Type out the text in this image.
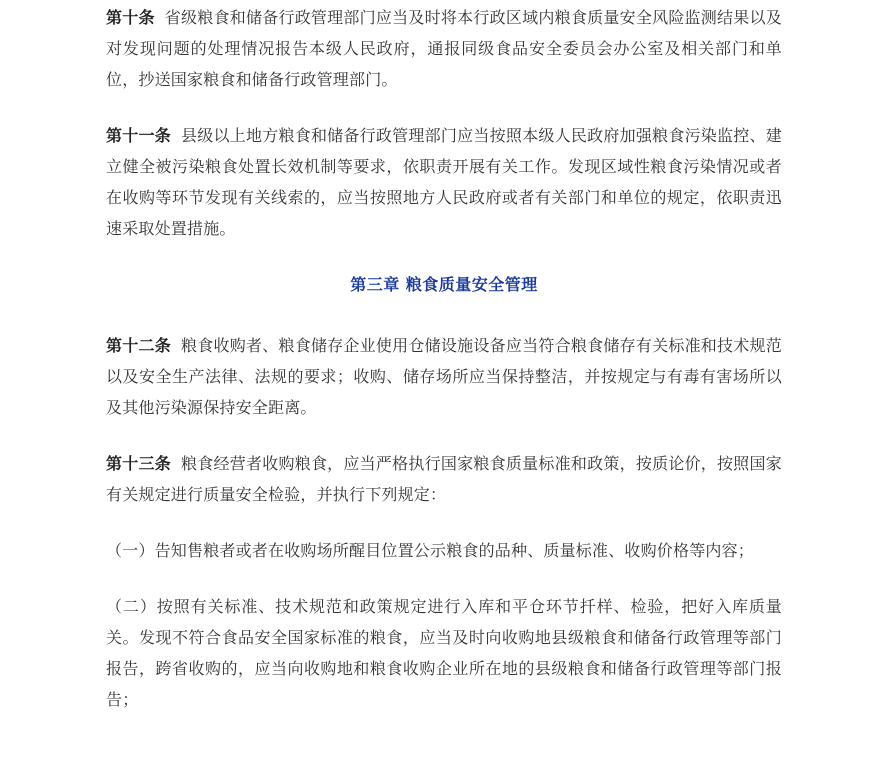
第十条 省级粮食和储备行政管理部门应当及时将本行政区域内粮食质量安全风险监测结果以及对发现问题的处理情况报告本级人民政府，通报同级食品安全委员会办公室及相关部门和单位，抄送国家粮食和储备行政管理部门。

第十一条 县级以上地方粮食和储备行政管理部门应当按照本级人民政府加强粮食污染监控、建立健全被污染粮食处置长效机制等要求，依职责开展有关工作。发现区域性粮食污染情况或者在收购等环节发现有关线索的，应当按照地方人民政府或者有关部门和单位的规定，依职责迅速采取处置措施。

第三章 粮食质量安全管理

第十二条 粮食收购者、粮食储存企业使用仓储设施设备应当符合粮食储存有关标准和技术规范以及安全生产法律、法规的要求；收购、储存场所应当保持整洁，并按规定与有毒有害场所以及其他污染源保持安全距离。

第十三条 粮食经营者收购粮食，应当严格执行国家粮食质量标准和政策，按质论价，按照国家有关规定进行质量安全检验，并执行下列规定：

（一）告知售粮者或者在收购场所醒目位置公示粮食的品种、质量标准、收购价格等内容；

（二）按照有关标准、技术规范和政策规定进行入库和平仓环节扦样、检验，把好入库质量关。发现不符合食品安全国家标准的粮食，应当及时向收购地县级粮食和储备行政管理等部门报告，跨省收购的，应当向收购地和粮食收购企业所在地的县级粮食和储备行政管理等部门报告；
